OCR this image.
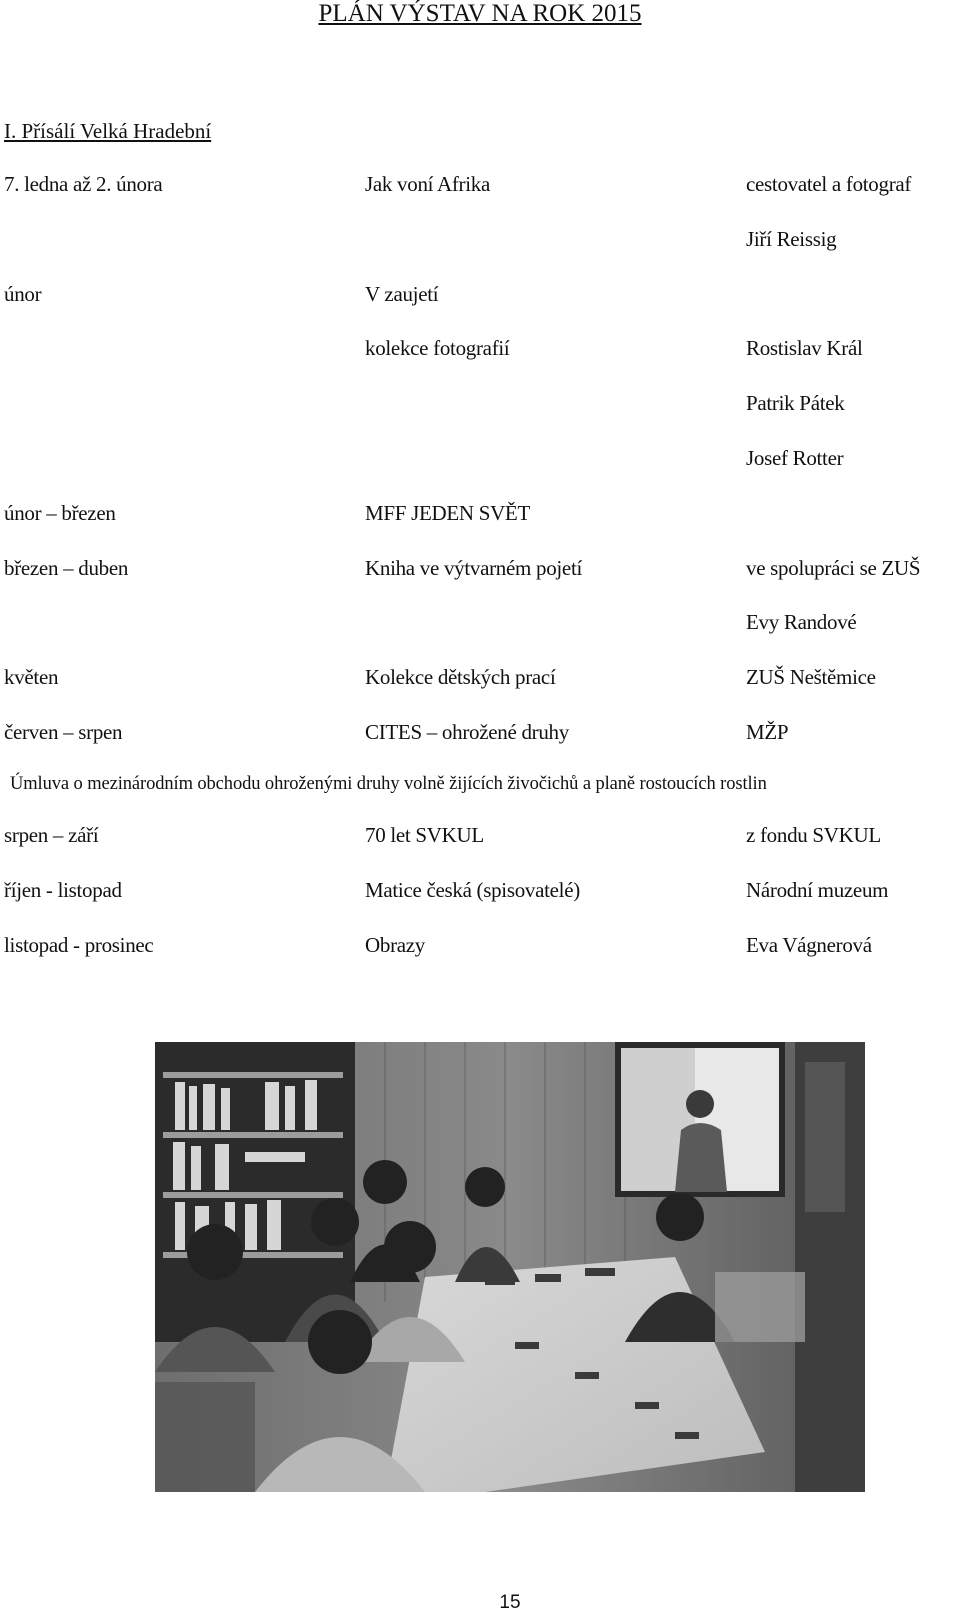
PLÁN VÝSTAV NA ROK 2015
I. Přísálí Velká Hradební
7. ledna až 2. února	Jak voní Afrika	cestovatel a fotograf
Jiří Reissig
únor	V zaujetí
kolekce fotografií	Rostislav Král
Patrik Pátek
Josef Rotter
únor – březen	MFF JEDEN SVĚT
březen – duben	Kniha ve výtvarném pojetí	ve spolupráci se ZUŠ
Evy Randové
květen	Kolekce dětských prací	ZUŠ Neštěmice
červen – srpen	CITES – ohrožené druhy	MŽP
Úmluva o mezinárodním obchodu ohroženými druhy volně žijících živočichů a planě rostoucích rostlin
srpen – září	70 let SVKUL	z fondu SVKUL
říjen - listopad	Matice česká (spisovatelé)	Národní muzeum
listopad - prosinec	Obrazy	Eva Vágnerová
15
